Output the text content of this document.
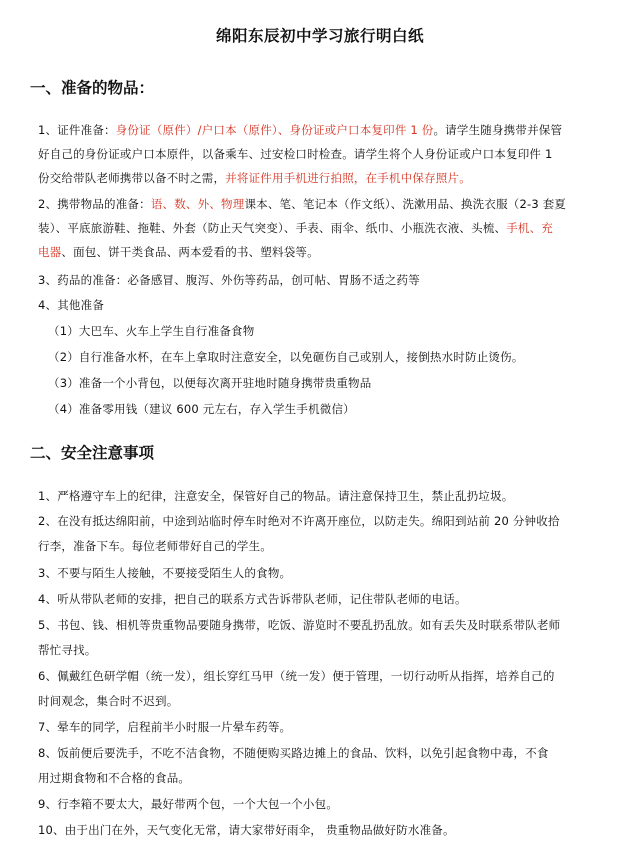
绵阳东辰初中学习旅行明白纸
一、准备的物品：
1、证件准备：身份证（原件）/户口本（原件）、身份证或户口本复印件 1 份。请学生随身携带并保管
好自己的身份证或户口本原件，以备乘车、过安检口时检查。请学生将个人身份证或户口本复印件 1
份交给带队老师携带以备不时之需，并将证件用手机进行拍照，在手机中保存照片。
2、携带物品的准备：语、数、外、物理课本、笔、笔记本（作文纸）、洗漱用品、换洗衣服（2-3 套夏
装）、平底旅游鞋、拖鞋、外套（防止天气突变）、手表、雨伞、纸巾、小瓶洗衣液、头梳、手机、充
电器、面包、饼干类食品、两本爱看的书、塑料袋等。
3、药品的准备：必备感冒、腹泻、外伤等药品，创可帖、胃肠不适之药等
4、其他准备
（1）大巴车、火车上学生自行准备食物
（2）自行准备水杯，在车上拿取时注意安全，以免砸伤自己或别人，接倒热水时防止烫伤。
（3）准备一个小背包，以便每次离开驻地时随身携带贵重物品
（4）准备零用钱（建议 600 元左右，存入学生手机微信）
二、安全注意事项
1、严格遵守车上的纪律，注意安全，保管好自己的物品。请注意保持卫生，禁止乱扔垃圾。
2、在没有抵达绵阳前，中途到站临时停车时绝对不许离开座位，以防走失。绵阳到站前 20 分钟收拾
行李，准备下车。每位老师带好自己的学生。
3、不要与陌生人接触，不要接受陌生人的食物。
4、听从带队老师的安排，把自己的联系方式告诉带队老师，记住带队老师的电话。
5、书包、钱、相机等贵重物品要随身携带，吃饭、游览时不要乱扔乱放。如有丢失及时联系带队老师
帮忙寻找。
6、佩戴红色研学帽（统一发），组长穿红马甲（统一发）便于管理，一切行动听从指挥，培养自己的
时间观念，集合时不迟到。
7、晕车的同学，启程前半小时服一片晕车药等。
8、饭前便后要洗手，不吃不洁食物，不随便购买路边摊上的食品、饮料，以免引起食物中毒，不食
用过期食物和不合格的食品。
9、行李箱不要太大，最好带两个包，一个大包一个小包。
10、由于出门在外，天气变化无常，请大家带好雨伞， 贵重物品做好防水准备。
